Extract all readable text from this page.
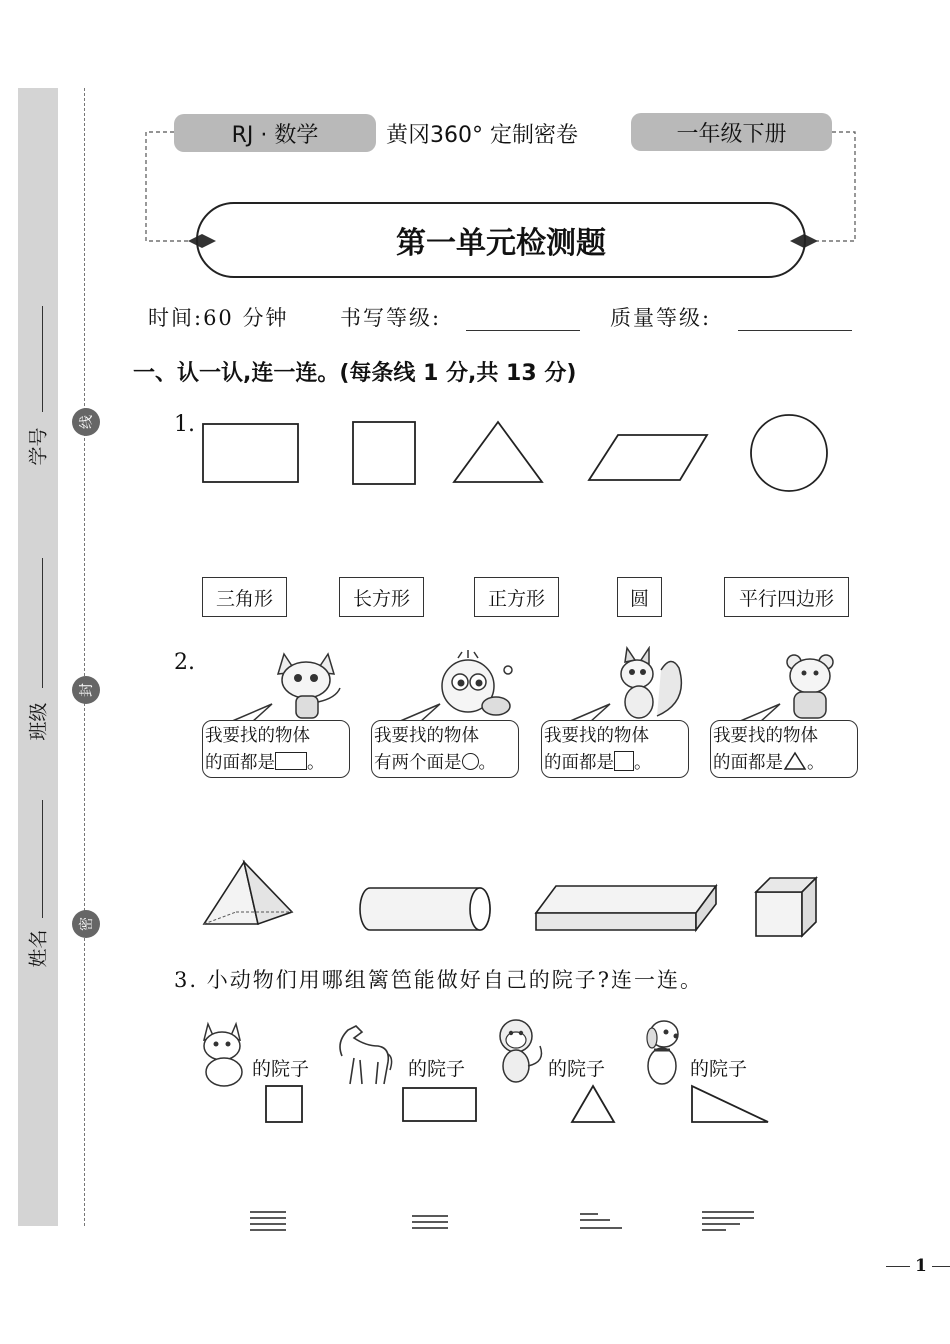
学号
班级
姓名
线
封
密
RJ · 数学	黄冈360° 定制密卷	一年级下册
第一单元检测题
时间:60 分钟 书写等级:	质量等级:
一、认一认,连一连。(每条线 1 分,共 13 分)
1.
三角形	长方形	正方形	圆	平行四边形
2.
我要找的物体
的面都是 。
我要找的物体
有两个面是 。
我要找的物体
的面都是 。
我要找的物体
的面都是 。
3. 小动物们用哪组篱笆能做好自己的院子?连一连。
的院子	的院子	的院子	的院子
1
